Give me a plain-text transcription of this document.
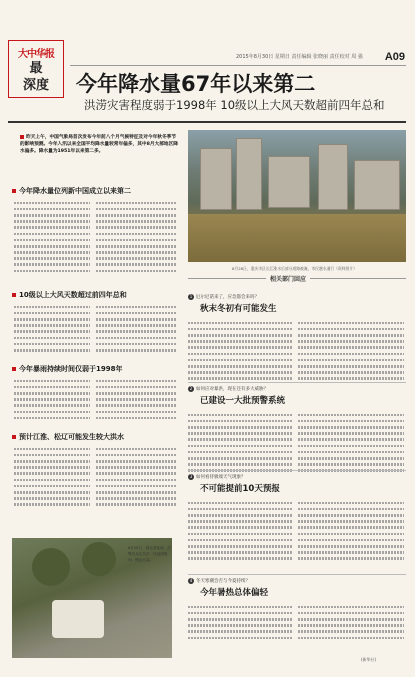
大中华报
最
深度
2015年8月30日 星期日 责任编辑 张晓丽 责任校对 周 强 A09
今年降水量67年以来第二
洪涝灾害程度弱于1998年 10级以上大风天数超前四年总和
昨天上午，中国气象局首次发布今年前八个月气候特征及对今年秋冬季节的影响预测。今年入汛以来全国平均降水量较常年偏多，其中8月大部地区降水偏多。降水量为1951年以来第二多。
8月28日，重庆市区长江涨水后部分道路被淹，市民趟水通行（资料图片）
今年降水量位列新中国成立以来第二
10级以上大风天数超过前四年总和
今年暴雨持续时间仅弱于1998年
预计江淮、松辽可能发生较大洪水
8月28日，湖北省某地，武警官兵在抗洪一线加固堤坝，搬运沙袋。
相关部门回应
1 厄尔尼诺来了，应急都会来吗？
秋末冬初有可能发生
2 如何应对暴洪，现在还有多大威胁？
已建设一大批预警系统
3 如何看待极端天气现象？
不可能提前10天预报
4 冬天寒潮会否与今夏持续？
今年暑热总体偏轻
(新华社)
